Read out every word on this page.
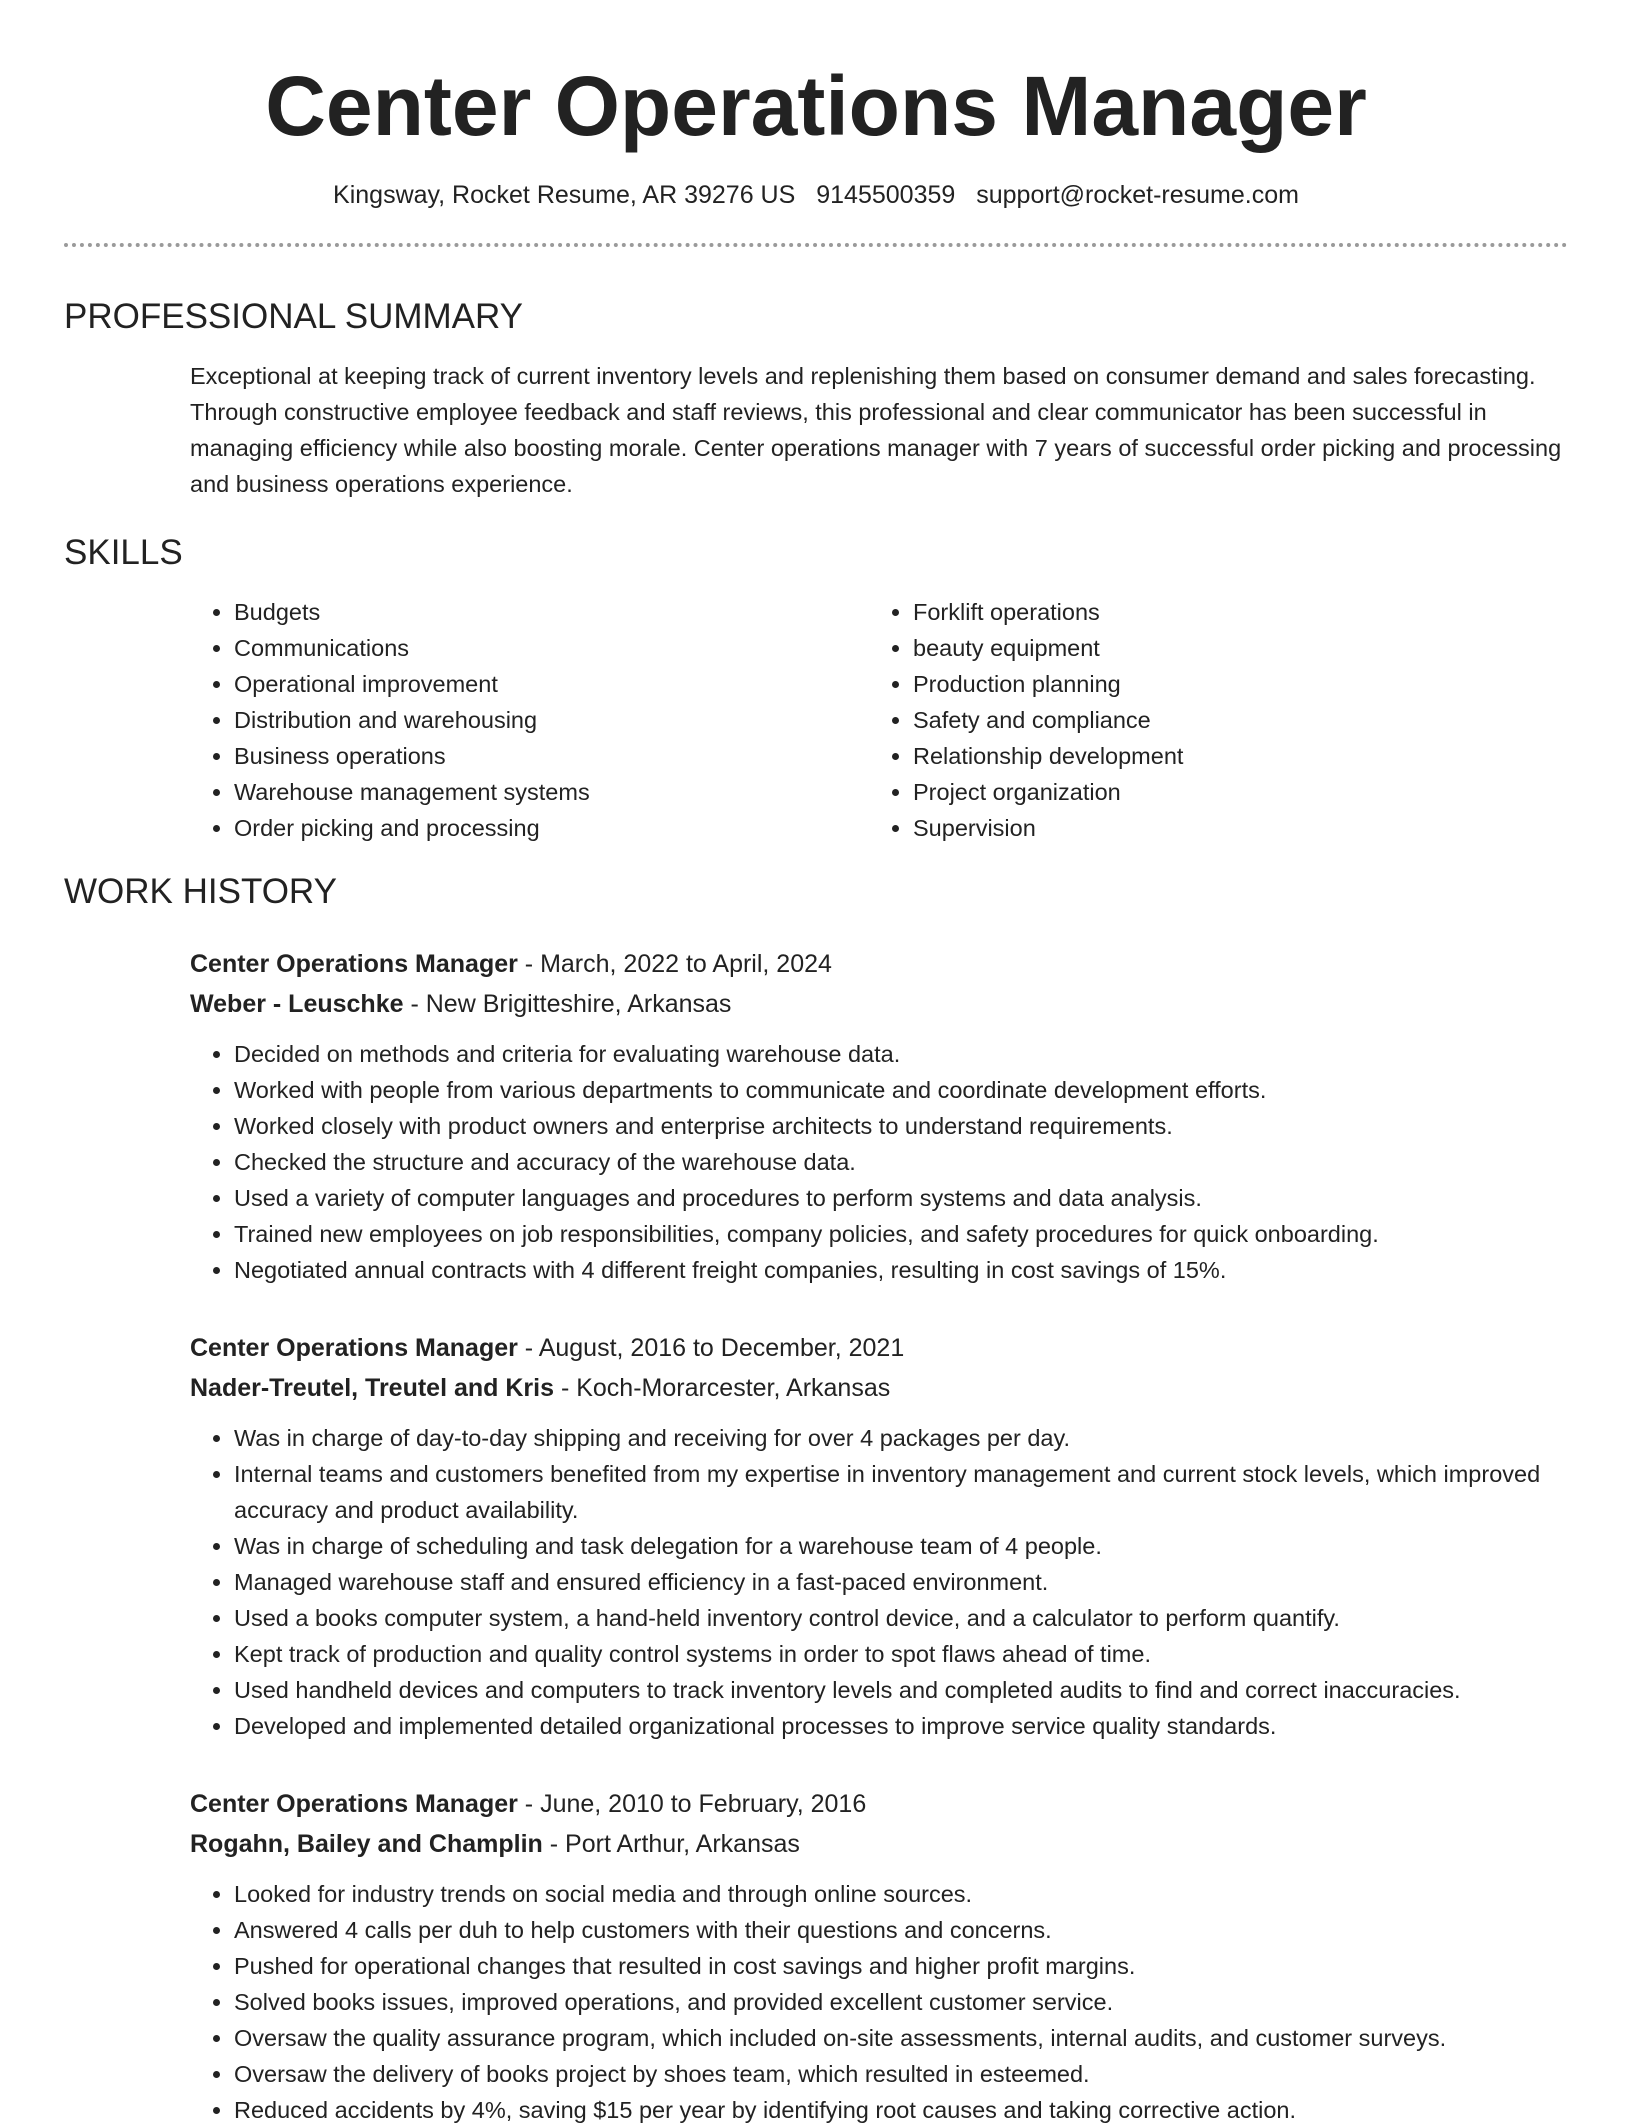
Center Operations Manager
Kingsway, Rocket Resume, AR 39276 US 9145500359 support@rocket-resume.com
PROFESSIONAL SUMMARY
Exceptional at keeping track of current inventory levels and replenishing them based on consumer demand and sales forecasting. Through constructive employee feedback and staff reviews, this professional and clear communicator has been successful in managing efficiency while also boosting morale. Center operations manager with 7 years of successful order picking and processing and business operations experience.
SKILLS
• Budgets
• Communications
• Operational improvement
• Distribution and warehousing
• Business operations
• Warehouse management systems
• Order picking and processing
• Forklift operations
• beauty equipment
• Production planning
• Safety and compliance
• Relationship development
• Project organization
• Supervision
WORK HISTORY
Center Operations Manager - March, 2022 to April, 2024
Weber - Leuschke - New Brigitteshire, Arkansas
• Decided on methods and criteria for evaluating warehouse data.
• Worked with people from various departments to communicate and coordinate development efforts.
• Worked closely with product owners and enterprise architects to understand requirements.
• Checked the structure and accuracy of the warehouse data.
• Used a variety of computer languages and procedures to perform systems and data analysis.
• Trained new employees on job responsibilities, company policies, and safety procedures for quick onboarding.
• Negotiated annual contracts with 4 different freight companies, resulting in cost savings of 15%.
Center Operations Manager - August, 2016 to December, 2021
Nader-Treutel, Treutel and Kris - Koch-Morarcester, Arkansas
• Was in charge of day-to-day shipping and receiving for over 4 packages per day.
• Internal teams and customers benefited from my expertise in inventory management and current stock levels, which improved accuracy and product availability.
• Was in charge of scheduling and task delegation for a warehouse team of 4 people.
• Managed warehouse staff and ensured efficiency in a fast-paced environment.
• Used a books computer system, a hand-held inventory control device, and a calculator to perform quantify.
• Kept track of production and quality control systems in order to spot flaws ahead of time.
• Used handheld devices and computers to track inventory levels and completed audits to find and correct inaccuracies.
• Developed and implemented detailed organizational processes to improve service quality standards.
Center Operations Manager - June, 2010 to February, 2016
Rogahn, Bailey and Champlin - Port Arthur, Arkansas
• Looked for industry trends on social media and through online sources.
• Answered 4 calls per duh to help customers with their questions and concerns.
• Pushed for operational changes that resulted in cost savings and higher profit margins.
• Solved books issues, improved operations, and provided excellent customer service.
• Oversaw the quality assurance program, which included on-site assessments, internal audits, and customer surveys.
• Oversaw the delivery of books project by shoes team, which resulted in esteemed.
• Reduced accidents by 4%, saving $15 per year by identifying root causes and taking corrective action.
